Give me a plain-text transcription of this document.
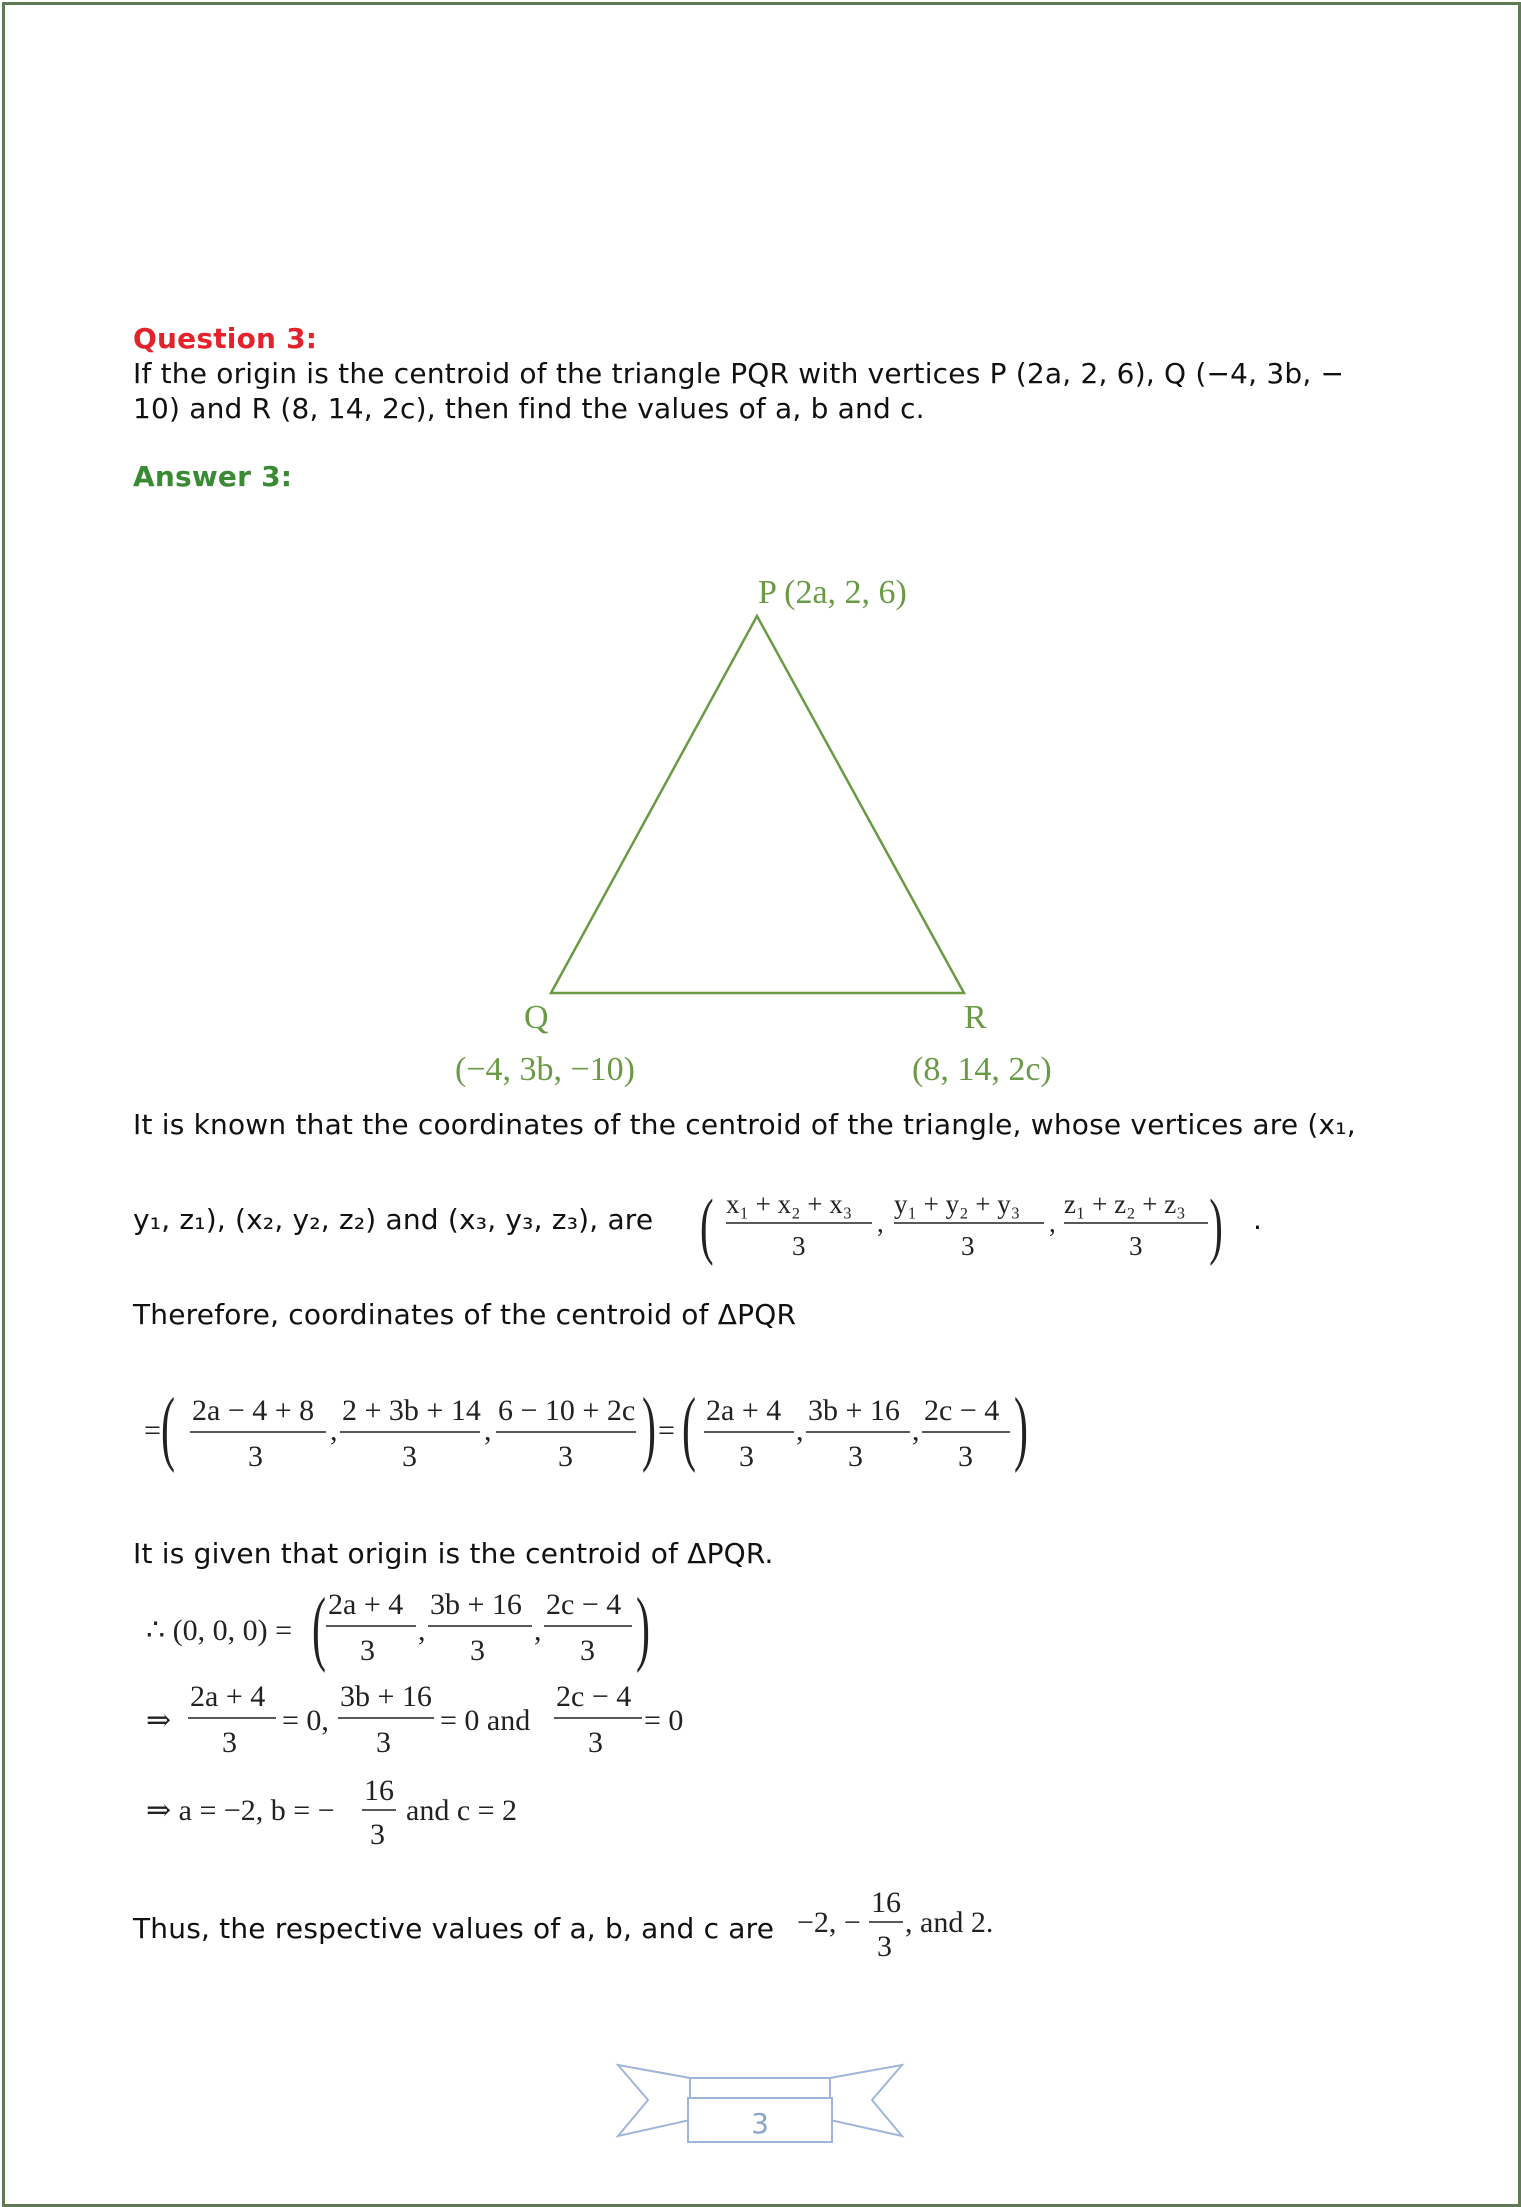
Question 3:
If the origin is the centroid of the triangle PQR with vertices P (2a, 2, 6), Q (−4, 3b, −
10) and R (8, 14, 2c), then find the values of a, b and c.
Answer 3:
P (2a, 2, 6)
Q
(−4, 3b, −10)
R
(8, 14, 2c)
It is known that the coordinates of the centroid of the triangle, whose vertices are (x₁,
y₁, z₁), (x₂, y₂, z₂) and (x₃, y₃, z₃), are ( x₁ + x₂ + x₃
3
,
y₁ + y₂ + y₃
3
,
z₁ + z₂ + z₃
3 ) .
Therefore, coordinates of the centroid of ΔPQR
= ( 2a − 4 + 8
3
,
2 + 3b + 14
3
,
6 − 10 + 2c
3 ) = ( 2a + 4
3
,
3b + 16
3
,
2c − 4
3 )
It is given that origin is the centroid of ΔPQR.
∴ (0, 0, 0) = ( 2a + 4
3
,
3b + 16
3
,
2c − 4
3 )
⇒
2a + 4
3
= 0,
3b + 16
3
= 0 and
2c − 4
3
= 0
⇒ a = −2, b = −
16
3
and c = 2
Thus, the respective values of a, b, and c are −2, −
16
3
, and 2.
3
